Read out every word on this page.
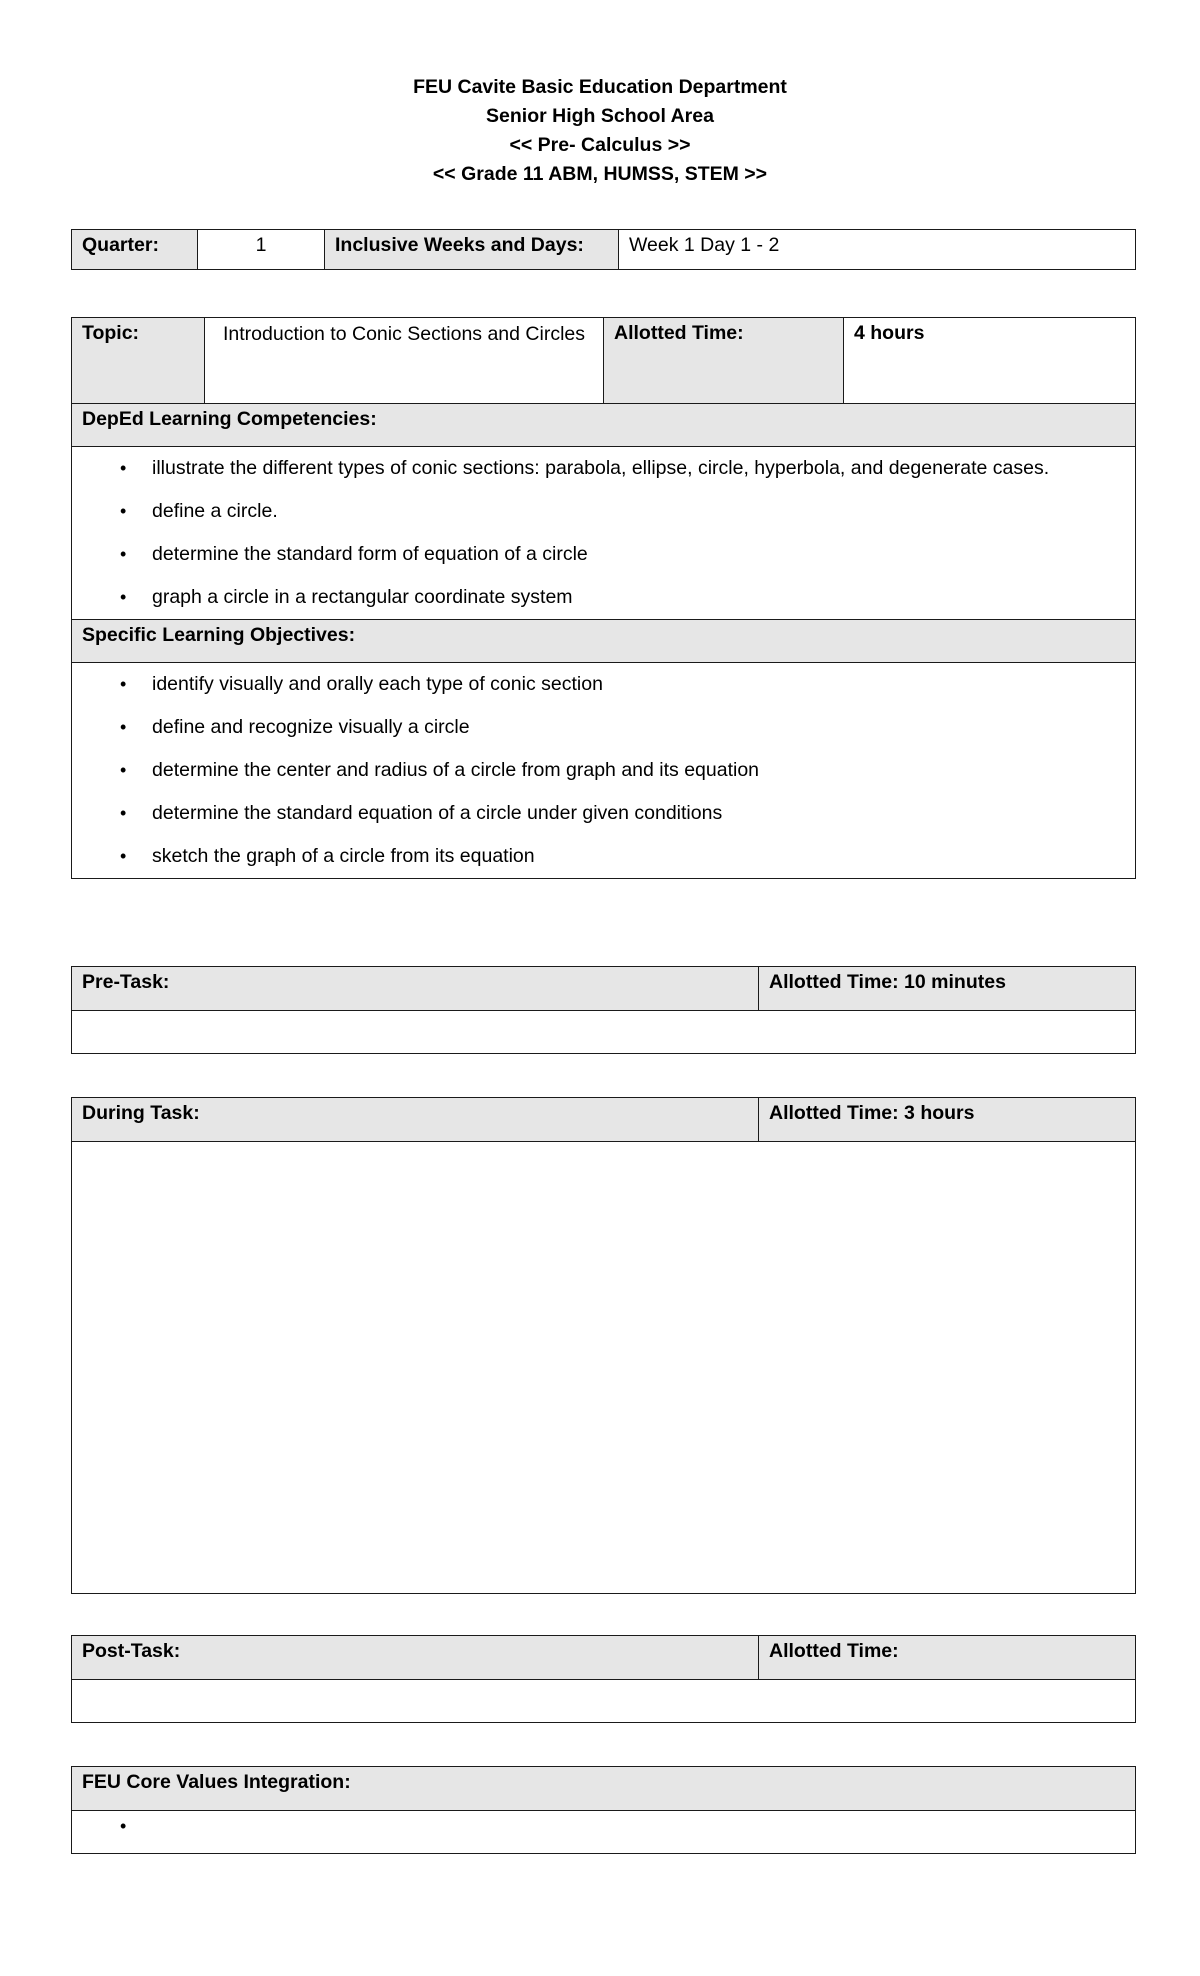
FEU Cavite Basic Education Department
Senior High School Area
<< Pre- Calculus >>
<< Grade 11 ABM, HUMSS, STEM >>
Quarter:	1	Inclusive Weeks and Days:	Week 1 Day 1 - 2
Topic:	Introduction to Conic Sections and Circles	Allotted Time:	4 hours
DepEd Learning Competencies:

• illustrate the different types of conic sections: parabola, ellipse, circle, hyperbola, and degenerate cases.
• define a circle.
• determine the standard form of equation of a circle
• graph a circle in a rectangular coordinate system

Specific Learning Objectives:

• identify visually and orally each type of conic section
• define and recognize visually a circle
• determine the center and radius of a circle from graph and its equation
• determine the standard equation of a circle under given conditions
• sketch the graph of a circle from its equation
Pre-Task:	Allotted Time: 10 minutes

During Task:	Allotted Time: 3 hours

Post-Task:	Allotted Time:

FEU Core Values Integration:

•
